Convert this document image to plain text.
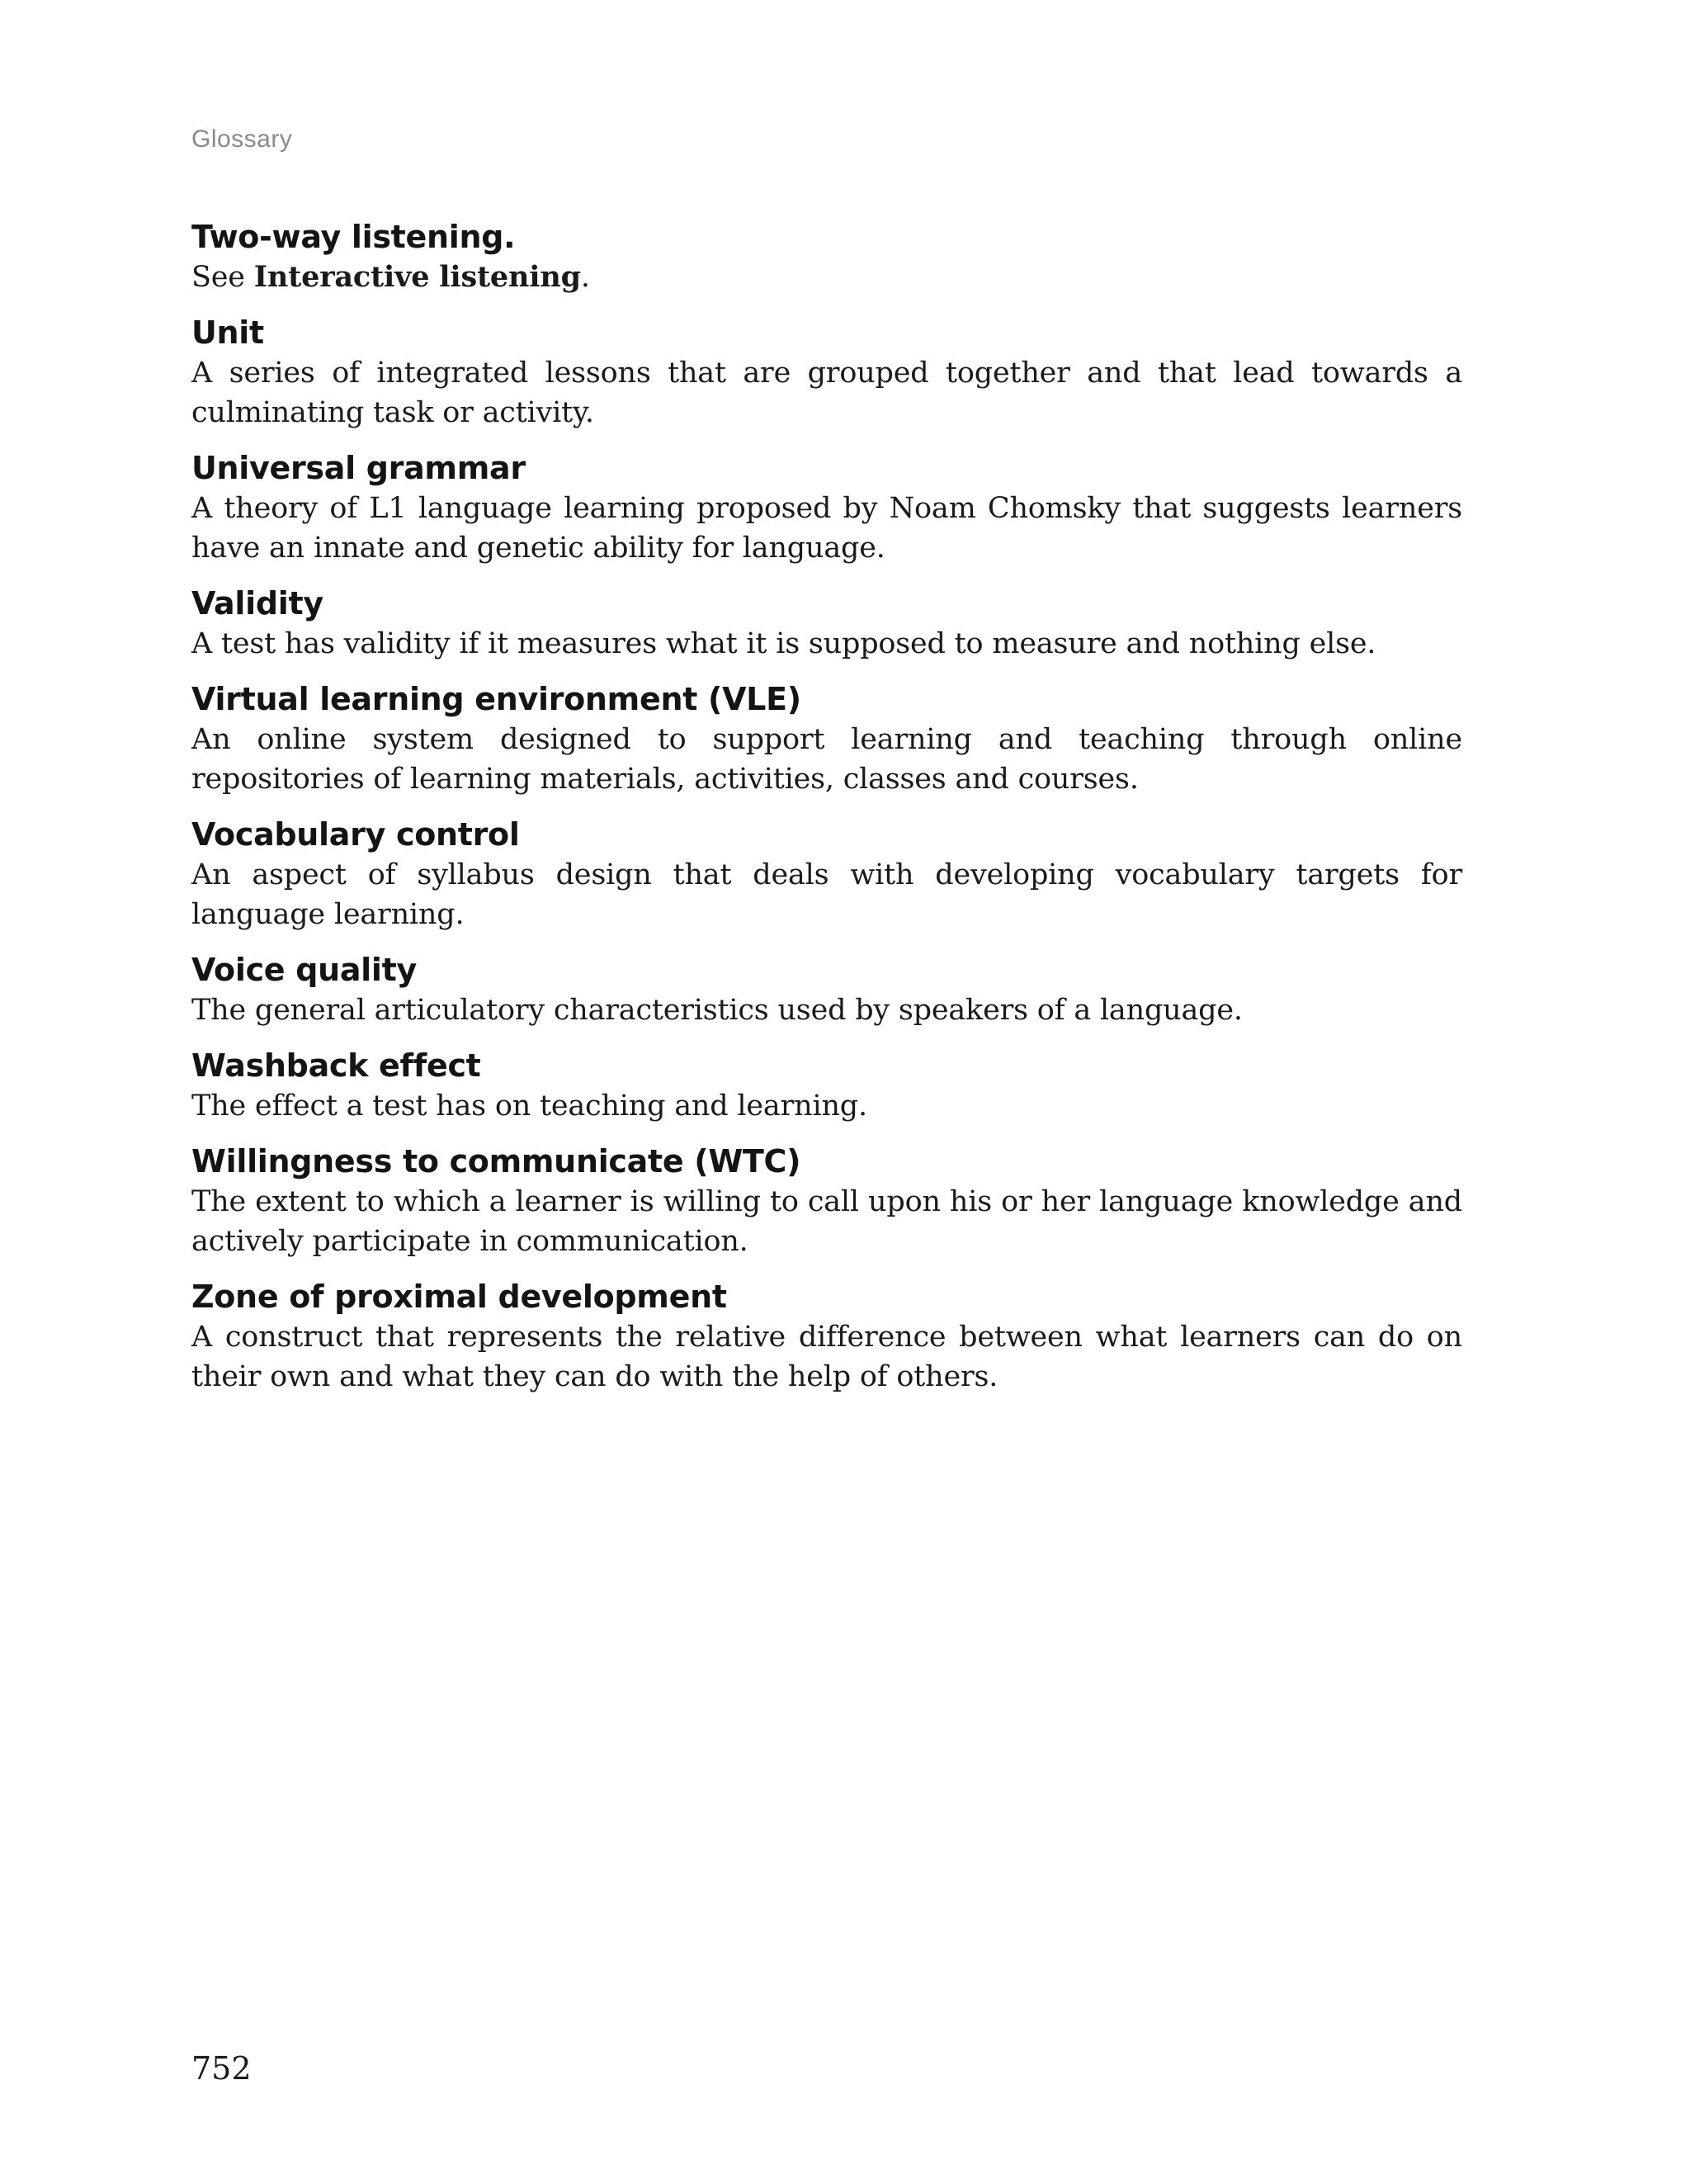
Glossary
Two-way listening.
See Interactive listening.
Unit
A series of integrated lessons that are grouped together and that lead towards a culminating task or activity.
Universal grammar
A theory of L1 language learning proposed by Noam Chomsky that suggests learners have an innate and genetic ability for language.
Validity
A test has validity if it measures what it is supposed to measure and nothing else.
Virtual learning environment (VLE)
An online system designed to support learning and teaching through online repositories of learning materials, activities, classes and courses.
Vocabulary control
An aspect of syllabus design that deals with developing vocabulary targets for language learning.
Voice quality
The general articulatory characteristics used by speakers of a language.
Washback effect
The effect a test has on teaching and learning.
Willingness to communicate (WTC)
The extent to which a learner is willing to call upon his or her language knowledge and actively participate in communication.
Zone of proximal development
A construct that represents the relative difference between what learners can do on their own and what they can do with the help of others.
752
